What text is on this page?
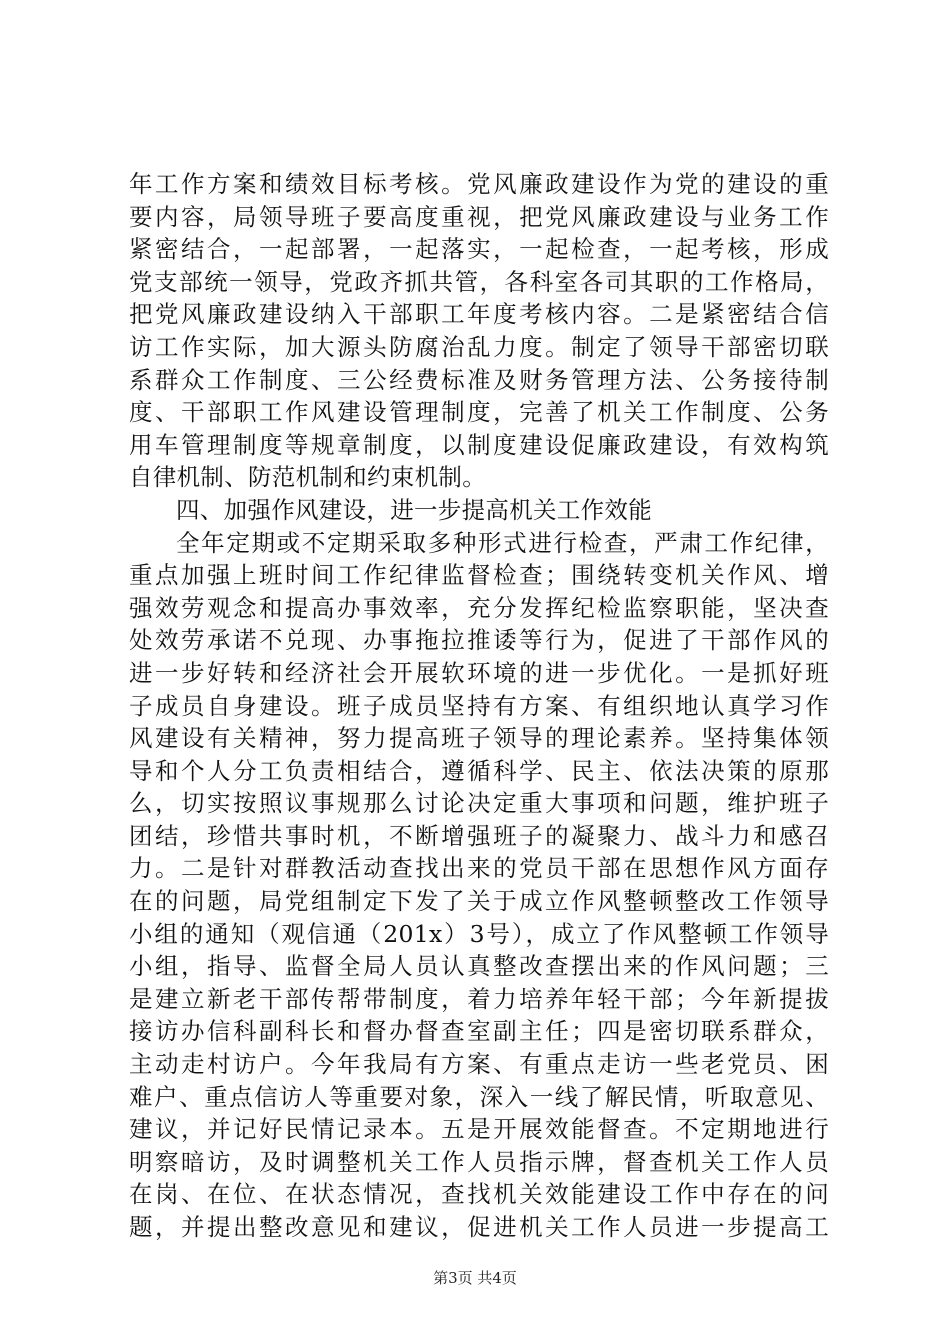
年工作方案和绩效目标考核。党风廉政建设作为党的建设的重
要内容，局领导班子要高度重视，把党风廉政建设与业务工作
紧密结合，一起部署，一起落实，一起检查，一起考核，形成
党支部统一领导，党政齐抓共管，各科室各司其职的工作格局，
把党风廉政建设纳入干部职工年度考核内容。二是紧密结合信
访工作实际，加大源头防腐治乱力度。制定了领导干部密切联
系群众工作制度、三公经费标准及财务管理方法、公务接待制
度、干部职工作风建设管理制度，完善了机关工作制度、公务
用车管理制度等规章制度，以制度建设促廉政建设，有效构筑
自律机制、防范机制和约束机制。
四、加强作风建设，进一步提高机关工作效能
全年定期或不定期采取多种形式进行检查，严肃工作纪律，
重点加强上班时间工作纪律监督检查；围绕转变机关作风、增
强效劳观念和提高办事效率，充分发挥纪检监察职能，坚决查
处效劳承诺不兑现、办事拖拉推诿等行为，促进了干部作风的
进一步好转和经济社会开展软环境的进一步优化。一是抓好班
子成员自身建设。班子成员坚持有方案、有组织地认真学习作
风建设有关精神，努力提高班子领导的理论素养。坚持集体领
导和个人分工负责相结合，遵循科学、民主、依法决策的原那
么，切实按照议事规那么讨论决定重大事项和问题，维护班子
团结，珍惜共事时机，不断增强班子的凝聚力、战斗力和感召
力。二是针对群教活动查找出来的党员干部在思想作风方面存
在的问题，局党组制定下发了关于成立作风整顿整改工作领导
小组的通知（观信通（201x）3号），成立了作风整顿工作领导
小组，指导、监督全局人员认真整改查摆出来的作风问题；三
是建立新老干部传帮带制度，着力培养年轻干部；今年新提拔
接访办信科副科长和督办督查室副主任；四是密切联系群众，
主动走村访户。今年我局有方案、有重点走访一些老党员、困
难户、重点信访人等重要对象，深入一线了解民情，听取意见、
建议，并记好民情记录本。五是开展效能督查。不定期地进行
明察暗访，及时调整机关工作人员指示牌，督查机关工作人员
在岗、在位、在状态情况，查找机关效能建设工作中存在的问
题，并提出整改意见和建议，促进机关工作人员进一步提高工
第3页 共4页
